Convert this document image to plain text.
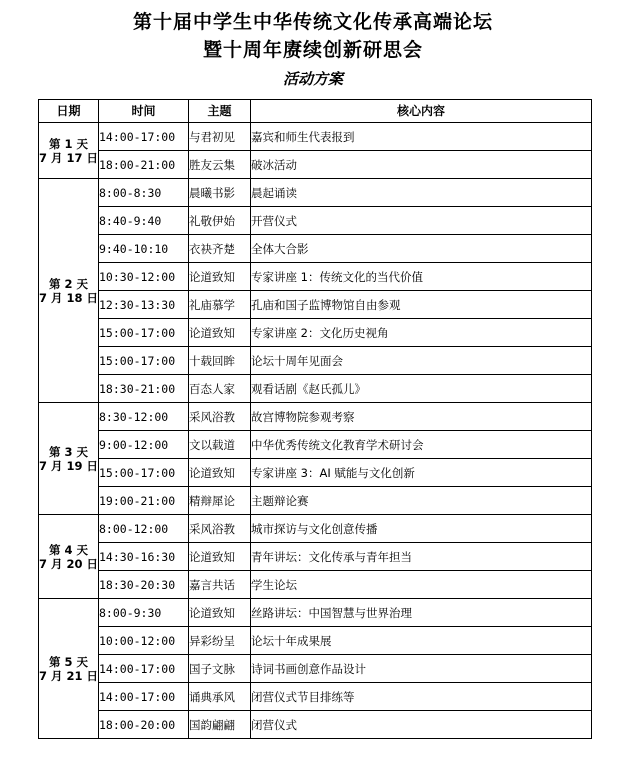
第十届中学生中华传统文化传承高端论坛
暨十周年赓续创新研思会
活动方案
日期	时间	主题	核心内容

第 1 天
7 月 17 日	14:00-17:00	与君初见	嘉宾和师生代表报到
	18:00-21:00	胜友云集	破冰活动

第 2 天
7 月 18 日	8:00-8:30	晨曦书影	晨起诵读
	8:40-9:40	礼敬伊始	开营仪式
	9:40-10:10	衣袂齐楚	全体大合影
	10:30-12:00	论道致知	专家讲座 1：传统文化的当代价值
	12:30-13:30	礼庙慕学	孔庙和国子监博物馆自由参观
	15:00-17:00	论道致知	专家讲座 2：文化历史视角
	15:00-17:00	十载回眸	论坛十周年见面会
	18:30-21:00	百态人家	观看话剧《赵氏孤儿》

第 3 天
7 月 19 日	8:30-12:00	采风浴教	故宫博物院参观考察
	9:00-12:00	文以载道	中华优秀传统文化教育学术研讨会
	15:00-17:00	论道致知	专家讲座 3：AI 赋能与文化创新
	19:00-21:00	精辩犀论	主题辩论赛

第 4 天
7 月 20 日	8:00-12:00	采风浴教	城市探访与文化创意传播
	14:30-16:30	论道致知	青年讲坛：文化传承与青年担当
	18:30-20:30	嘉言共话	学生论坛

第 5 天
7 月 21 日	8:00-9:30	论道致知	丝路讲坛：中国智慧与世界治理
	10:00-12:00	异彩纷呈	论坛十年成果展
	14:00-17:00	国子文脉	诗词书画创意作品设计
	14:00-17:00	诵典承风	闭营仪式节目排练等
	18:00-20:00	国韵翩翩	闭营仪式
